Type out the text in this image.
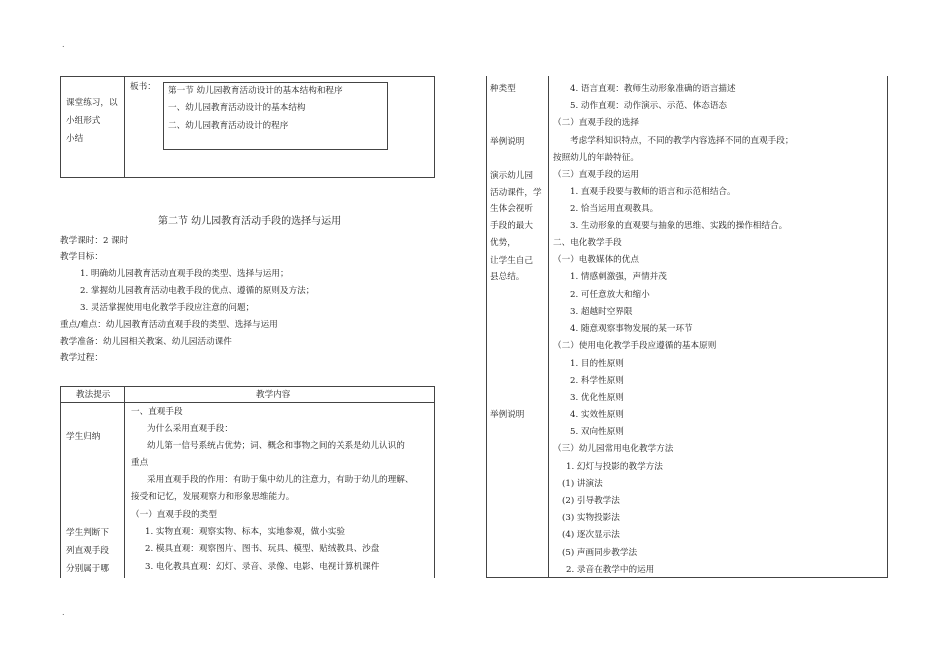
.
.
课堂练习，以
小组形式
小结
板书： 第一节 幼儿园教育活动设计的基本结构和程序
一、幼儿园教育活动设计的基本结构
二、幼儿园教育活动设计的程序
第二节 幼儿园教育活动手段的选择与运用
教学课时：2 课时
教学目标：
1. 明确幼儿园教育活动直观手段的类型、选择与运用；
2. 掌握幼儿园教育活动电教手段的优点、遵循的原则及方法；
3. 灵活掌握使用电化教学手段应注意的问题；
重点/难点：幼儿园教育活动直观手段的类型、选择与运用
教学准备：幼儿园相关教案、幼儿园活动课件
教学过程：
教法提示	教学内容
学生归纳
学生判断下
列直观手段
分别属于哪
一、直观手段
为什么采用直观手段：
幼儿第一信号系统占优势；词、概念和事物之间的关系是幼儿认识的
重点
采用直观手段的作用：有助于集中幼儿的注意力，有助于幼儿的理解、
接受和记忆，发展观察力和形象思维能力。
（一）直观手段的类型
1. 实物直观：观察实物、标本，实地参观，做小实验
2. 模具直观：观察图片、图书、玩具、模型、贴绒教具、沙盘
3. 电化教具直观：幻灯、录音、录像、电影、电视计算机课件
种类型
举例说明
演示幼儿园
活动课件，学
生体会视听
手段的最大
优势，
让学生自己
县总结。
举例说明
4. 语言直观：教师生动形象准确的语言描述
5. 动作直观：动作演示、示范、体态语态
（二）直观手段的选择
考虑学科知识特点，不同的教学内容选择不同的直观手段；
按照幼儿的年龄特征。
（三）直观手段的运用
1. 直观手段要与教师的语言和示范相结合。
2. 恰当运用直观教具。
3. 生动形象的直观要与抽象的思维、实践的操作相结合。
二、电化教学手段
（一）电教媒体的优点
1. 情感刺激强，声情并茂
2. 可任意放大和缩小
3. 超越时空界限
4. 随意观察事物发展的某一环节
（二）使用电化教学手段应遵循的基本原则
1. 目的性原则
2. 科学性原则
3. 优化性原则
4. 实效性原则
5. 双向性原则
（三）幼儿园常用电化教学方法
1. 幻灯与投影的教学方法
(1) 讲演法
(2) 引导教学法
(3) 实物投影法
(4) 逐次显示法
(5) 声画同步教学法
2. 录音在教学中的运用
